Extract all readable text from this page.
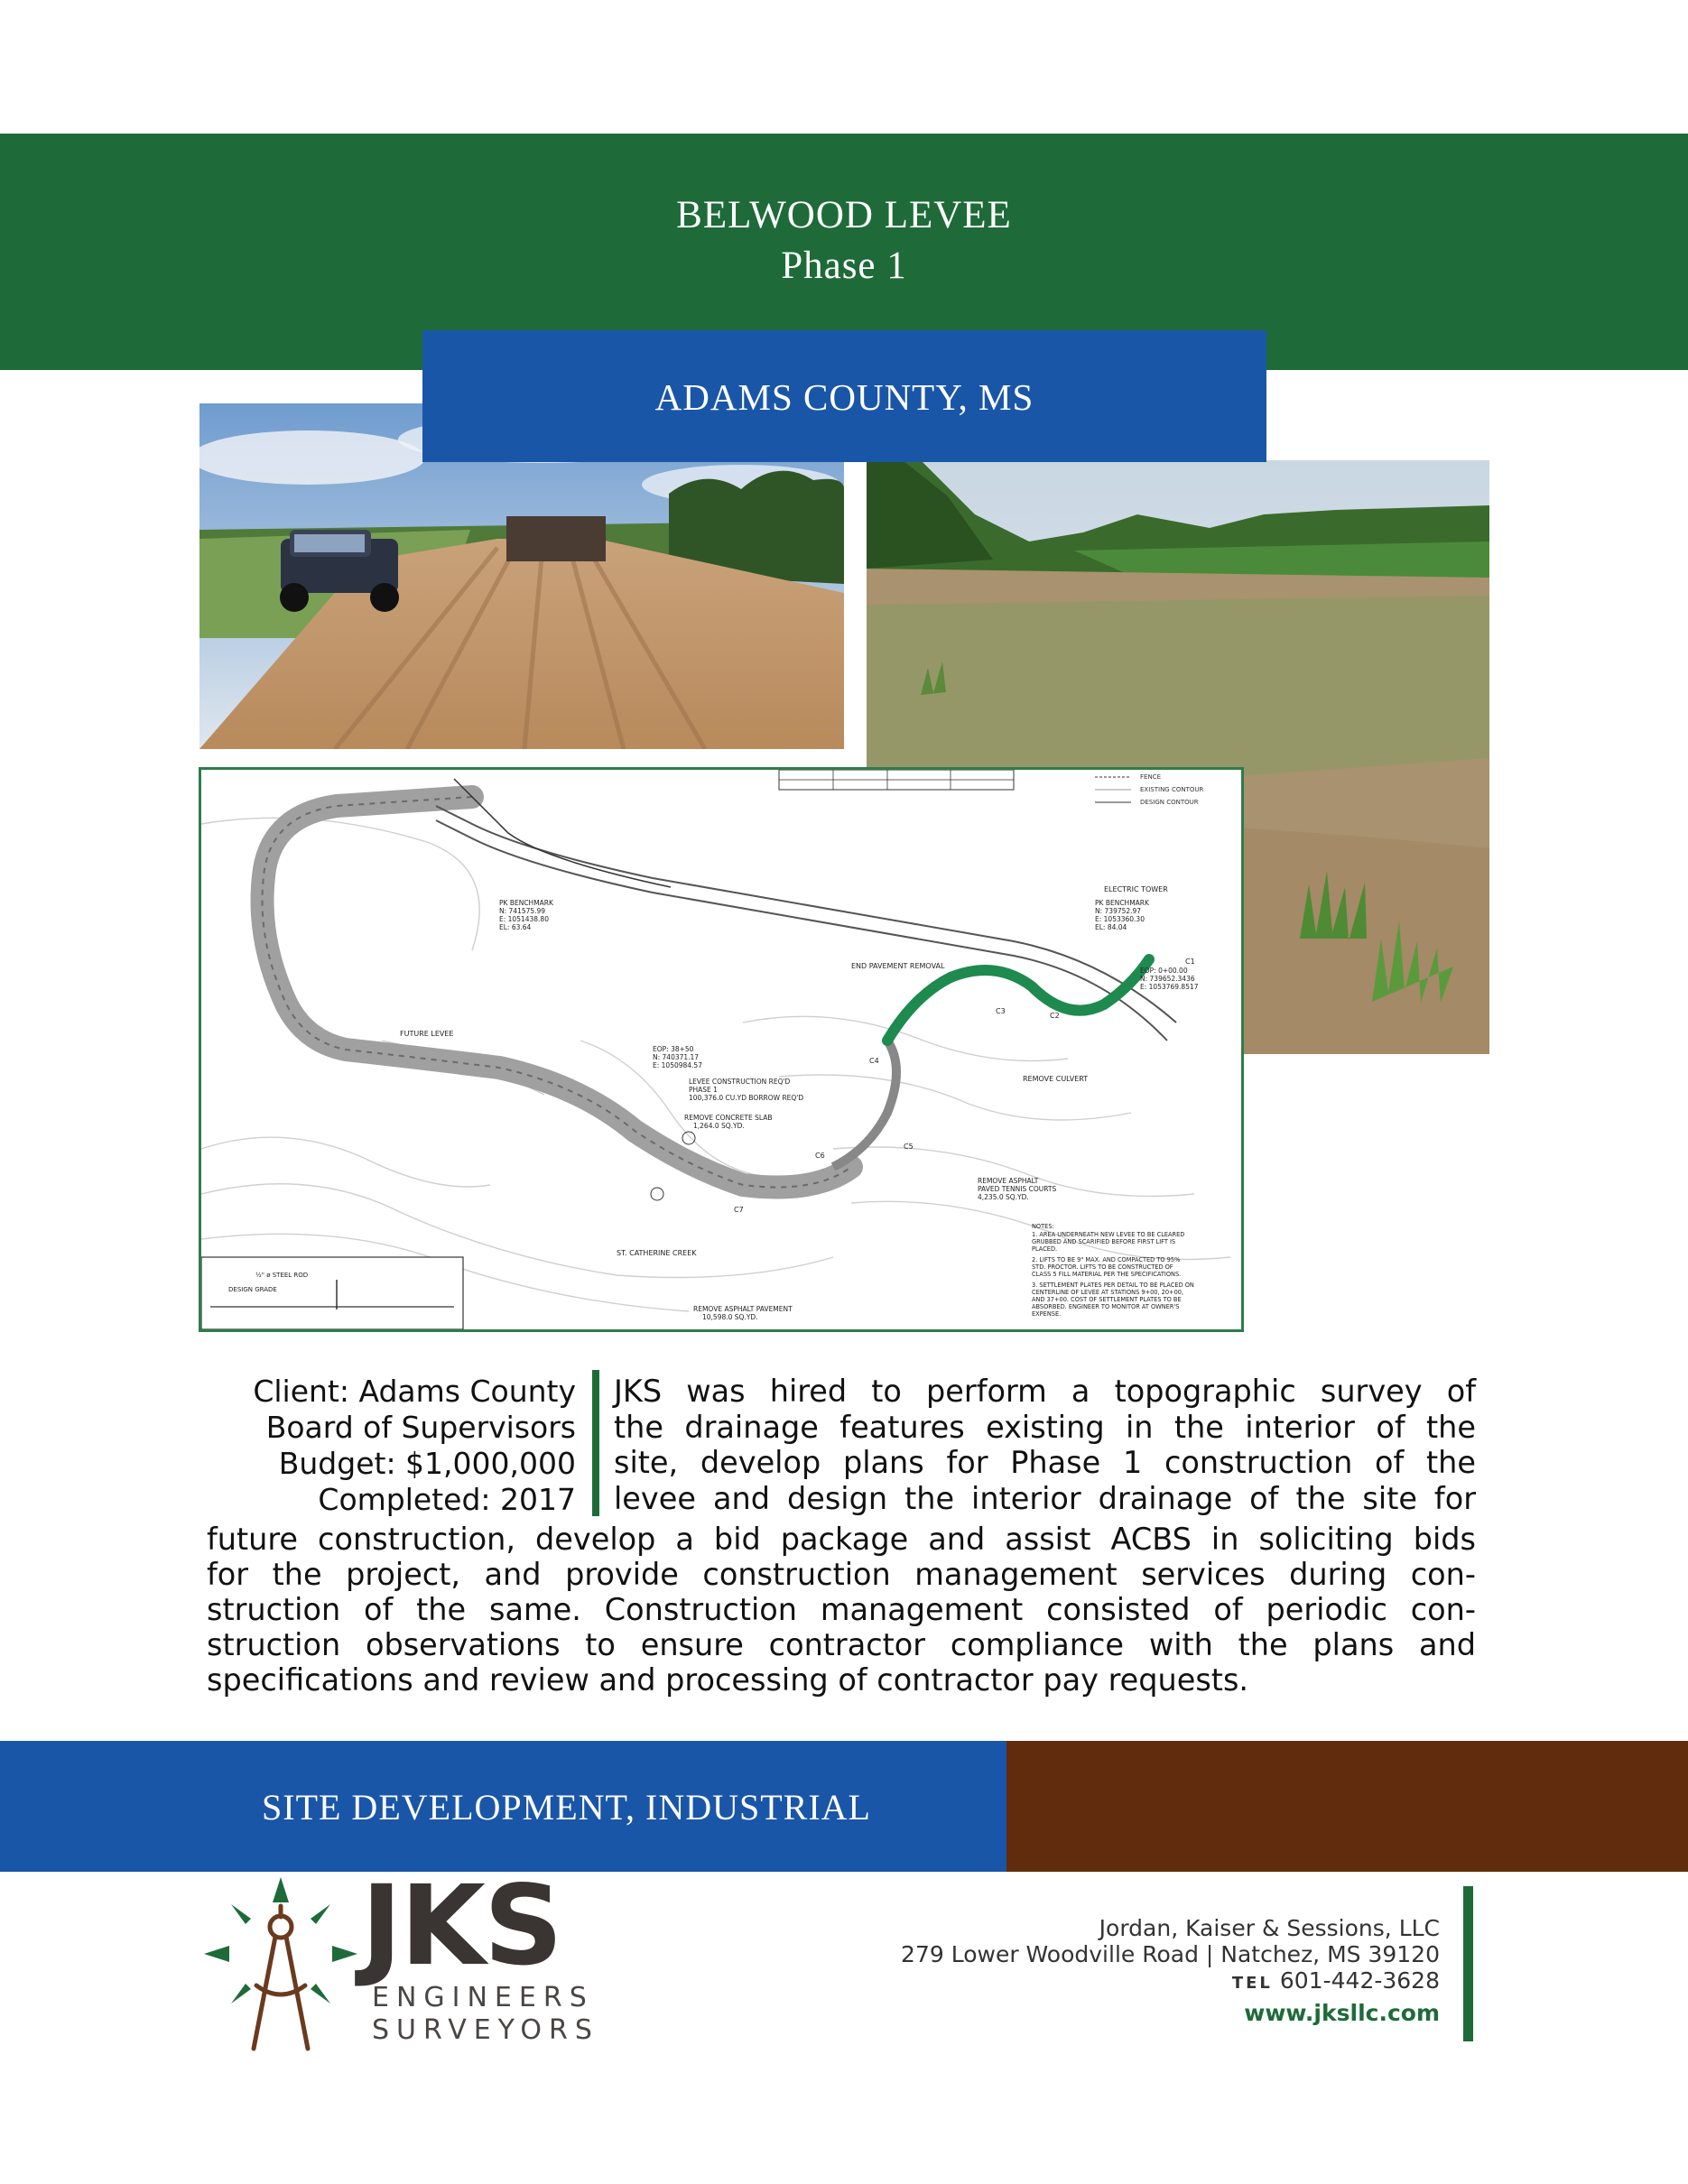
BELWOOD LEVEE
Phase 1
ADAMS COUNTY, MS
FENCE
EXISTING CONTOUR
DESIGN CONTOUR
ELECTRIC TOWER
END PAVEMENT REMOVAL
FUTURE LEVEE
REMOVE CULVERT
ST. CATHERINE CREEK
C1
C2
C3
C4
C5
C6
C7
PK BENCHMARK
N: 741575.99
E: 1051438.80
EL: 63.64
PK BENCHMARK
N: 739752.97
E: 1053360.30
EL: 84.04
EOP: 0+00.00
N: 739652.3436
E: 1053769.8517
EOP: 38+50
N: 740371.17
E: 1050984.57
LEVEE CONSTRUCTION REQ'D
PHASE 1
100,376.0 CU.YD BORROW REQ'D
REMOVE CONCRETE SLAB
1,264.0 SQ.YD.
REMOVE ASPHALT
PAVED TENNIS COURTS
4,235.0 SQ.YD.
REMOVE ASPHALT PAVEMENT
10,598.0 SQ.YD.
NOTES:
1. AREA UNDERNEATH NEW LEVEE TO BE CLEARED
GRUBBED AND SCARIFIED BEFORE FIRST LIFT IS
PLACED.
2. LIFTS TO BE 9" MAX. AND COMPACTED TO 95%
STD. PROCTOR. LIFTS TO BE CONSTRUCTED OF
CLASS 5 FILL MATERIAL PER THE SPECIFICATIONS.
3. SETTLEMENT PLATES PER DETAIL TO BE PLACED ON
CENTERLINE OF LEVEE AT STATIONS 9+00, 20+00,
AND 37+00. COST OF SETTLEMENT PLATES TO BE
ABSORBED. ENGINEER TO MONITOR AT OWNER'S
EXPENSE.
½" ø STEEL ROD
DESIGN GRADE
Client: Adams County
Board of Supervisors
Budget: $1,000,000
Completed: 2017
JKS was hired to perform a topographic survey of
the drainage features existing in the interior of the
site, develop plans for Phase 1 construction of the
levee and design the interior drainage of the site for
future construction, develop a bid package and assist ACBS in soliciting bids
for the project, and provide construction management services during con-
struction of the same. Construction management consisted of periodic con-
struction observations to ensure contractor compliance with the plans and
specifications and review and processing of contractor pay requests.
SITE DEVELOPMENT, INDUSTRIAL
JKS
ENGINEERS
SURVEYORS
Jordan, Kaiser & Sessions, LLC
279 Lower Woodville Road | Natchez, MS 39120
TEL 601-442-3628
www.jksllc.com
